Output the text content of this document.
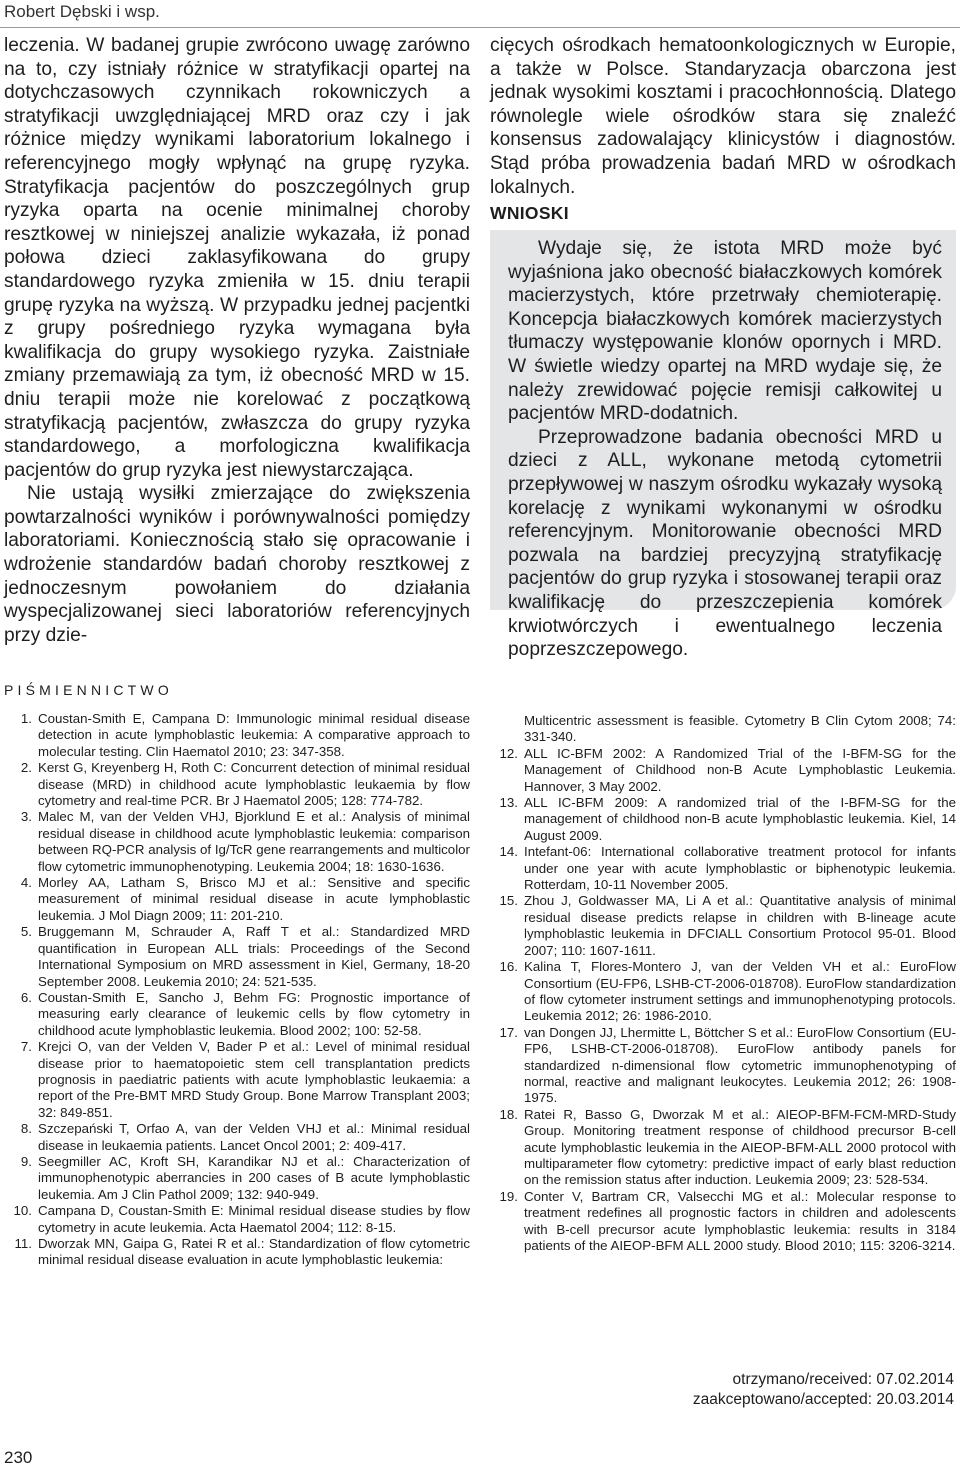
Robert Dębski i wsp.

leczenia. W badanej grupie zwrócono uwagę zarówno na to, czy istniały różnice w stratyfikacji opartej na dotychczasowych czynnikach rokowniczych a stratyfikacji uwzględniającej MRD oraz czy i jak różnice między wynikami laboratorium lokalnego i referencyjnego mogły wpłynąć na grupę ryzyka. Stratyfikacja pacjentów do poszczególnych grup ryzyka oparta na ocenie minimalnej choroby resztkowej w niniejszej analizie wykazała, iż ponad połowa dzieci zaklasyfikowana do grupy standardowego ryzyka zmieniła w 15. dniu terapii grupę ryzyka na wyższą. W przypadku jednej pacjentki z grupy pośredniego ryzyka wymagana była kwalifikacja do grupy wysokiego ryzyka. Zaistniałe zmiany przemawiają za tym, iż obecność MRD w 15. dniu terapii może nie korelować z początkową stratyfikacją pacjentów, zwłaszcza do grupy ryzyka standardowego, a morfologiczna kwalifikacja pacjentów do grup ryzyka jest niewystarczająca.

Nie ustają wysiłki zmierzające do zwiększenia powtarzalności wyników i porównywalności pomiędzy laboratoriami. Koniecznością stało się opracowanie i wdrożenie standardów badań choroby resztkowej z jednoczesnym powołaniem do działania wyspecjalizowanej sieci laboratoriów referencyjnych przy dzie-

cięcych ośrodkach hematoonkologicznych w Europie, a także w Polsce. Standaryzacja obarczona jest jednak wysokimi kosztami i pracochłonnością. Dlatego równolegle wiele ośrodków stara się znaleźć konsensus zadowalający klinicystów i diagnostów. Stąd próba prowadzenia badań MRD w ośrodkach lokalnych.

WNIOSKI

Wydaje się, że istota MRD może być wyjaśniona jako obecność białaczkowych komórek macierzystych, które przetrwały chemioterapię. Koncepcja białaczkowych komórek macierzystych tłumaczy występowanie klonów opornych i MRD. W świetle wiedzy opartej na MRD wydaje się, że należy zrewidować pojęcie remisji całkowitej u pacjentów MRD-dodatnich.

Przeprowadzone badania obecności MRD u dzieci z ALL, wykonane metodą cytometrii przepływowej w naszym ośrodku wykazały wysoką korelację z wynikami wykonanymi w ośrodku referencyjnym. Monitorowanie obecności MRD pozwala na bardziej precyzyjną stratyfikację pacjentów do grup ryzyka i stosowanej terapii oraz kwalifikację do przeszczepienia komórek krwiotwórczych i ewentualnego leczenia poprzeszczepowego.

PIŚMIENNICTWO
1. Coustan-Smith E, Campana D: Immunologic minimal residual disease detection in acute lymphoblastic leukemia: A comparative approach to molecular testing. Clin Haematol 2010; 23: 347-358.
2. Kerst G, Kreyenberg H, Roth C: Concurrent detection of minimal residual disease (MRD) in childhood acute lymphoblastic leukaemia by flow cytometry and real-time PCR. Br J Haematol 2005; 128: 774-782.
3. Malec M, van der Velden VHJ, Bjorklund E et al.: Analysis of minimal residual disease in childhood acute lymphoblastic leukemia: comparison between RQ-PCR analysis of Ig/TcR gene rearrangements and multicolor flow cytometric immunophenotyping. Leukemia 2004; 18: 1630-1636.
4. Morley AA, Latham S, Brisco MJ et al.: Sensitive and specific measurement of minimal residual disease in acute lymphoblastic leukemia. J Mol Diagn 2009; 11: 201-210.
5. Bruggemann M, Schrauder A, Raff T et al.: Standardized MRD quantification in European ALL trials: Proceedings of the Second International Symposium on MRD assessment in Kiel, Germany, 18-20 September 2008. Leukemia 2010; 24: 521-535.
6. Coustan-Smith E, Sancho J, Behm FG: Prognostic importance of measuring early clearance of leukemic cells by flow cytometry in childhood acute lymphoblastic leukemia. Blood 2002; 100: 52-58.
7. Krejci O, van der Velden V, Bader P et al.: Level of minimal residual disease prior to haematopoietic stem cell transplantation predicts prognosis in paediatric patients with acute lymphoblastic leukaemia: a report of the Pre-BMT MRD Study Group. Bone Marrow Transplant 2003; 32: 849-851.
8. Szczepański T, Orfao A, van der Velden VHJ et al.: Minimal residual disease in leukaemia patients. Lancet Oncol 2001; 2: 409-417.
9. Seegmiller AC, Kroft SH, Karandikar NJ et al.: Characterization of immunophenotypic aberrancies in 200 cases of B acute lymphoblastic leukemia. Am J Clin Pathol 2009; 132: 940-949.
10. Campana D, Coustan-Smith E: Minimal residual disease studies by flow cytometry in acute leukemia. Acta Haematol 2004; 112: 8-15.
11. Dworzak MN, Gaipa G, Ratei R et al.: Standardization of flow cytometric minimal residual disease evaluation in acute lymphoblastic leukemia:
Multicentric assessment is feasible. Cytometry B Clin Cytom 2008; 74: 331-340.
12. ALL IC-BFM 2002: A Randomized Trial of the I-BFM-SG for the Management of Childhood non-B Acute Lymphoblastic Leukemia. Hannover, 3 May 2002.
13. ALL IC-BFM 2009: A randomized trial of the I-BFM-SG for the management of childhood non-B acute lymphoblastic leukemia. Kiel, 14 August 2009.
14. Intefant-06: International collaborative treatment protocol for infants under one year with acute lymphoblastic or biphenotypic leukemia. Rotterdam, 10-11 November 2005.
15. Zhou J, Goldwasser MA, Li A et al.: Quantitative analysis of minimal residual disease predicts relapse in children with B-lineage acute lymphoblastic leukemia in DFCIALL Consortium Protocol 95-01. Blood 2007; 110: 1607-1611.
16. Kalina T, Flores-Montero J, van der Velden VH et al.: EuroFlow Consortium (EU-FP6, LSHB-CT-2006-018708). EuroFlow standardization of flow cytometer instrument settings and immunophenotyping protocols. Leukemia 2012; 26: 1986-2010.
17. van Dongen JJ, Lhermitte L, Böttcher S et al.: EuroFlow Consortium (EU-FP6, LSHB-CT-2006-018708). EuroFlow antibody panels for standardized n-dimensional flow cytometric immunophenotyping of normal, reactive and malignant leukocytes. Leukemia 2012; 26: 1908-1975.
18. Ratei R, Basso G, Dworzak M et al.: AIEOP-BFM-FCM-MRD-Study Group. Monitoring treatment response of childhood precursor B-cell acute lymphoblastic leukemia in the AIEOP-BFM-ALL 2000 protocol with multiparameter flow cytometry: predictive impact of early blast reduction on the remission status after induction. Leukemia 2009; 23: 528-534.
19. Conter V, Bartram CR, Valsecchi MG et al.: Molecular response to treatment redefines all prognostic factors in children and adolescents with B-cell precursor acute lymphoblastic leukemia: results in 3184 patients of the AIEOP-BFM ALL 2000 study. Blood 2010; 115: 3206-3214.
otrzymano/received: 07.02.2014
zaakceptowano/accepted: 20.03.2014
230
